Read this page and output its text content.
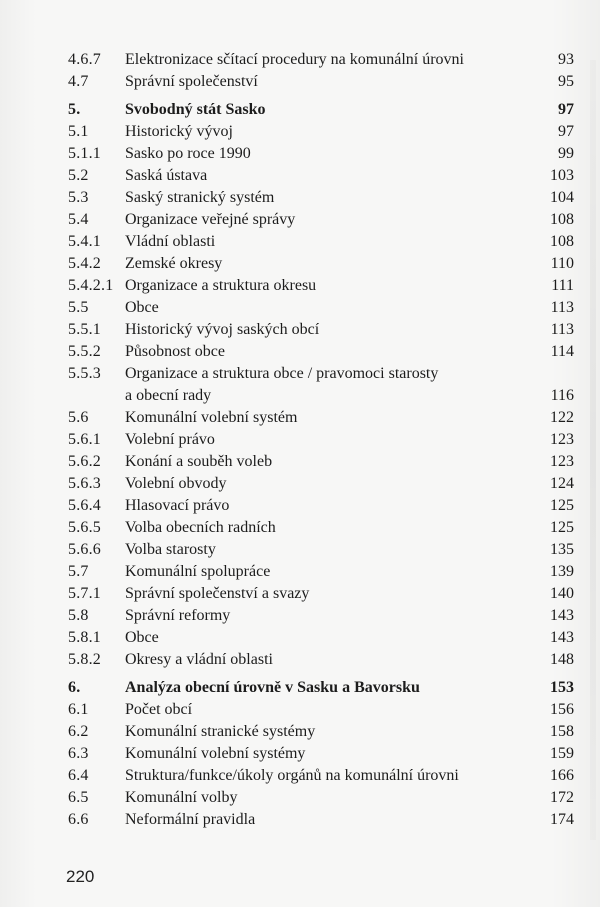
4.6.7 Elektronizace sčítací procedury na komunální úrovni	93
4.7 Správní společenství	95
5.	Svobodný stát Sasko	97
5.1 Historický vývoj	97
5.1.1 Sasko po roce 1990	99
5.2 Saská ústava	103
5.3 Saský stranický systém	104
5.4 Organizace veřejné správy	108
5.4.1 Vládní oblasti	108
5.4.2 Zemské okresy	110
5.4.2.1 Organizace a struktura okresu	111
5.5 Obce	113
5.5.1 Historický vývoj saských obcí	113
5.5.2 Působnost obce	114
5.5.3 Organizace a struktura obce / pravomoci starosty
a obecní rady	116
5.6 Komunální volební systém	122
5.6.1 Volební právo	123
5.6.2 Konání a souběh voleb	123
5.6.3 Volební obvody	124
5.6.4 Hlasovací právo	125
5.6.5 Volba obecních radních	125
5.6.6 Volba starosty	135
5.7 Komunální spolupráce	139
5.7.1 Správní společenství a svazy	140
5.8 Správní reformy	143
5.8.1 Obce	143
5.8.2 Okresy a vládní oblasti	148
6.	Analýza obecní úrovně v Sasku a Bavorsku	153
6.1 Počet obcí	156
6.2 Komunální stranické systémy	158
6.3 Komunální volební systémy	159
6.4 Struktura/funkce/úkoly orgánů na komunální úrovni	166
6.5 Komunální volby	172
6.6 Neformální pravidla	174
220
